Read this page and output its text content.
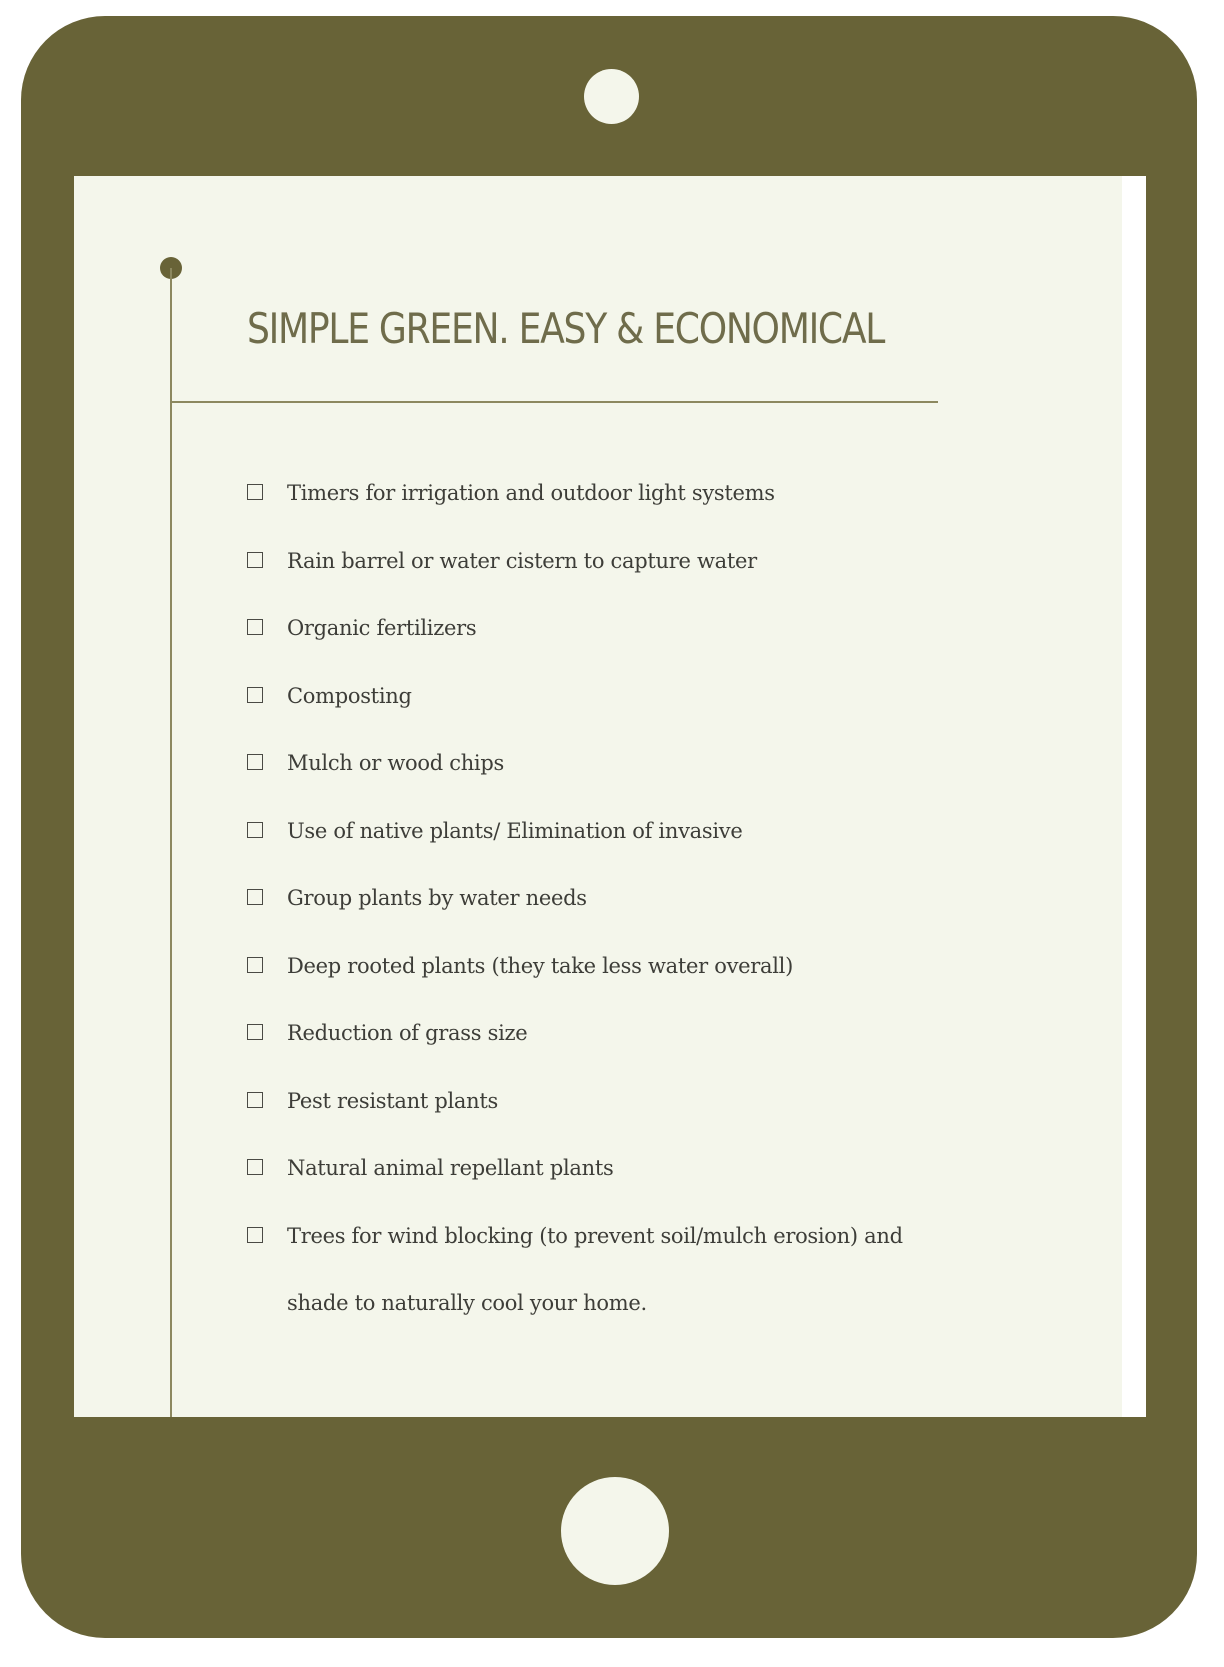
SIMPLE GREEN. EASY & ECONOMICAL
Timers for irrigation and outdoor light systems
Rain barrel or water cistern to capture water
Organic fertilizers
Composting
Mulch or wood chips
Use of native plants/ Elimination of invasive
Group plants by water needs
Deep rooted plants (they take less water overall)
Reduction of grass size
Pest resistant plants
Natural animal repellant plants
Trees for wind blocking (to prevent soil/mulch erosion) and shade to naturally cool your home.
